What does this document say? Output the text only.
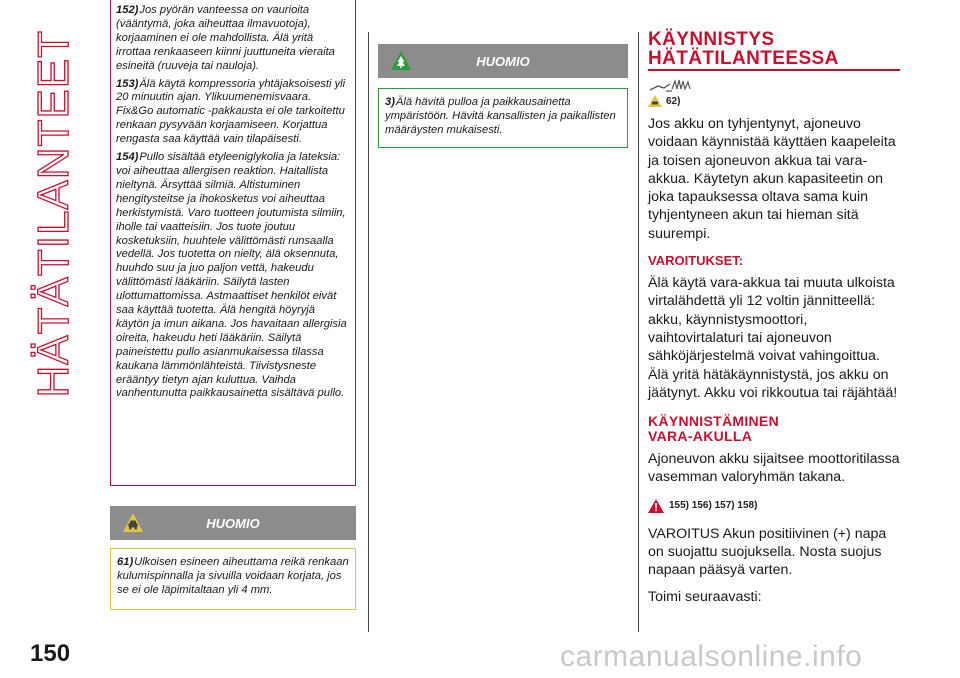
HÄTÄTILANTEET
150	carmanualsonline.info

152) Jos pyörän vanteessa on vaurioita (vääntymä, joka aiheuttaa ilmavuotoja), korjaaminen ei ole mahdollista. Älä yritä irrottaa renkaaseen kiinni juuttuneita vieraita esineitä (ruuveja tai nauloja).

153) Älä käytä kompressoria yhtäjaksoisesti yli 20 minuutin ajan. Ylikuumenemisvaara. Fix&Go automatic -pakkausta ei ole tarkoitettu renkaan pysyvään korjaamiseen. Korjattua rengasta saa käyttää vain tilapäisesti.

154) Pullo sisältää etyleeniglykolia ja lateksia: voi aiheuttaa allergisen reaktion. Haitallista nieltynä. Ärsyttää silmiä. Altistuminen hengitysteitse ja ihokosketus voi aiheuttaa herkistymistä. Varo tuotteen joutumista silmiin, iholle tai vaatteisiin. Jos tuote joutuu kosketuksiin, huuhtele välittömästi runsaalla vedellä. Jos tuotetta on nielty, älä oksennuta, huuhdo suu ja juo paljon vettä, hakeudu välittömästi lääkäriin. Säilytä lasten ulottumattomissa. Astmaattiset henkilöt eivät saa käyttää tuotetta. Älä hengitä höyryjä käytön ja imun aikana. Jos havaitaan allergisia oireita, hakeudu heti lääkäriin. Säilytä paineistettu pullo asianmukaisessa tilassa kaukana lämmönlähteistä. Tiivistysneste erääntyy tietyn ajan kuluttua. Vaihda vanhentunutta paikkausainetta sisältävä pullo.

HUOMIO

61) Ulkoisen esineen aiheuttama reikä renkaan kulumispinnalla ja sivuilla voidaan korjata, jos se ei ole läpimitaltaan yli 4 mm.

HUOMIO

3) Älä hävitä pulloa ja paikkausainetta ympäristöön. Hävitä kansallisten ja paikallisten määräysten mukaisesti.

KÄYNNISTYS
HÄTÄTILANTEESSA
62)

Jos akku on tyhjentynyt, ajoneuvo voidaan käynnistää käyttäen kaapeleita ja toisen ajoneuvon akkua tai vara-akkua. Käytetyn akun kapasiteetin on joka tapauksessa oltava sama kuin tyhjentyneen akun tai hieman sitä suurempi.

VAROITUKSET:

Älä käytä vara-akkua tai muuta ulkoista virtalähdettä yli 12 voltin jännitteellä: akku, käynnistysmoottori, vaihtovirtalaturi tai ajoneuvon sähköjärjestelmä voivat vahingoittua. Älä yritä hätäkäynnistystä, jos akku on jäätynyt. Akku voi rikkoutua tai räjähtää!

KÄYNNISTÄMINEN
VARA-AKULLA

Ajoneuvon akku sijaitsee moottoritilassa vasemman valoryhmän takana.

155) 156) 157) 158)

VAROITUS Akun positiivinen (+) napa on suojattu suojuksella. Nosta suojus napaan pääsyä varten.

Toimi seuraavasti:
